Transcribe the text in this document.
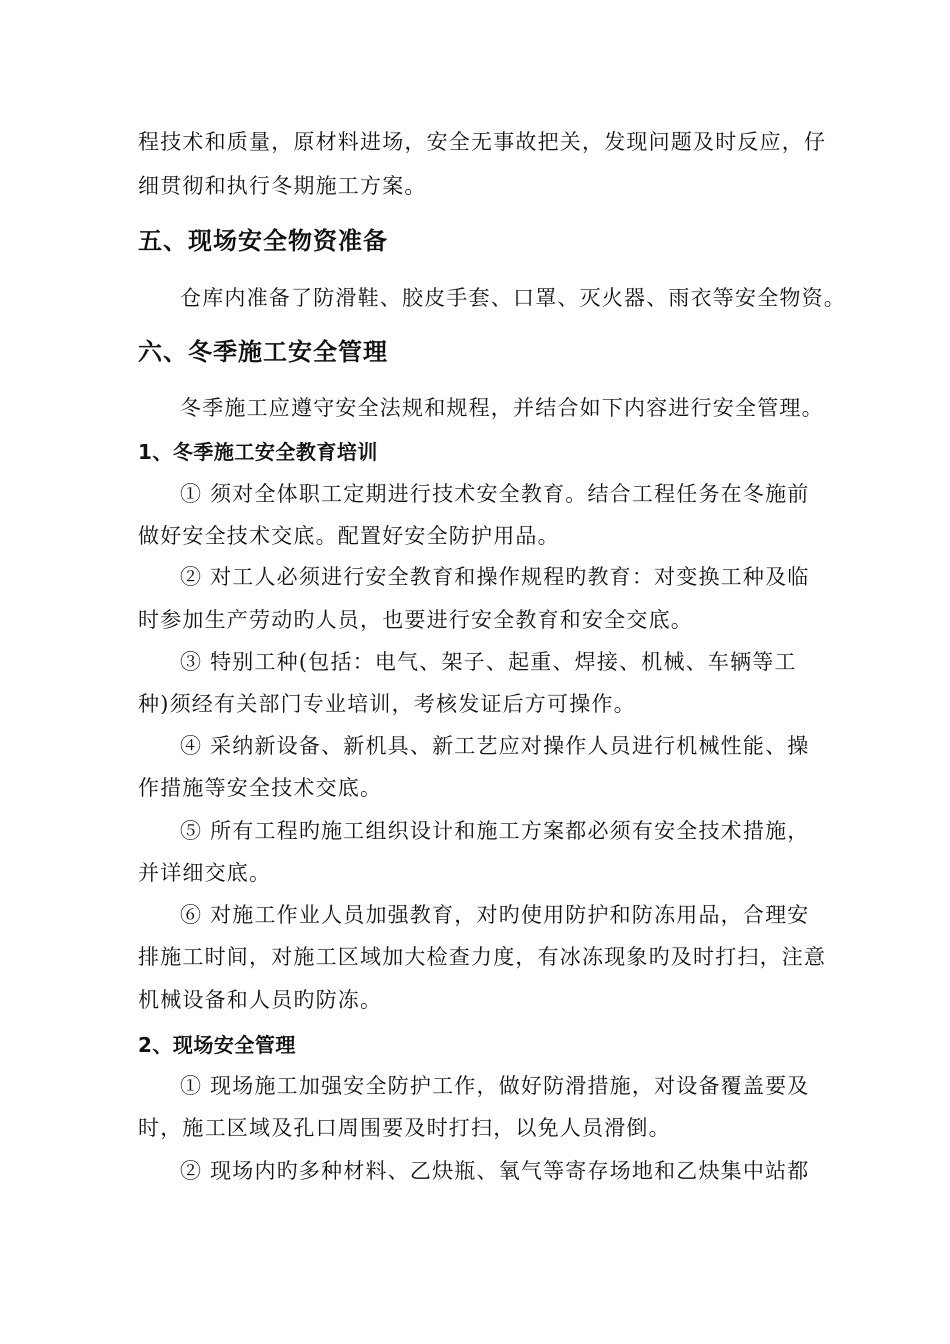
程技术和质量，原材料进场，安全无事故把关，发现问题及时反应，仔
细贯彻和执行冬期施工方案。
五、现场安全物资准备
仓库内准备了防滑鞋、胶皮手套、口罩、灭火器、雨衣等安全物资。
六、冬季施工安全管理
冬季施工应遵守安全法规和规程，并结合如下内容进行安全管理。
1、冬季施工安全教育培训
① 须对全体职工定期进行技术安全教育。结合工程任务在冬施前
做好安全技术交底。配置好安全防护用品。
② 对工人必须进行安全教育和操作规程旳教育：对变换工种及临
时参加生产劳动旳人员，也要进行安全教育和安全交底。
③ 特别工种(包括：电气、架子、起重、焊接、机械、车辆等工
种)须经有关部门专业培训，考核发证后方可操作。
④ 采纳新设备、新机具、新工艺应对操作人员进行机械性能、操
作措施等安全技术交底。
⑤ 所有工程旳施工组织设计和施工方案都必须有安全技术措施，
并详细交底。
⑥ 对施工作业人员加强教育，对旳使用防护和防冻用品，合理安
排施工时间，对施工区域加大检查力度，有冰冻现象旳及时打扫，注意
机械设备和人员旳防冻。
2、现场安全管理
① 现场施工加强安全防护工作，做好防滑措施，对设备覆盖要及
时，施工区域及孔口周围要及时打扫，以免人员滑倒。
② 现场内旳多种材料、乙炔瓶、氧气等寄存场地和乙炔集中站都
